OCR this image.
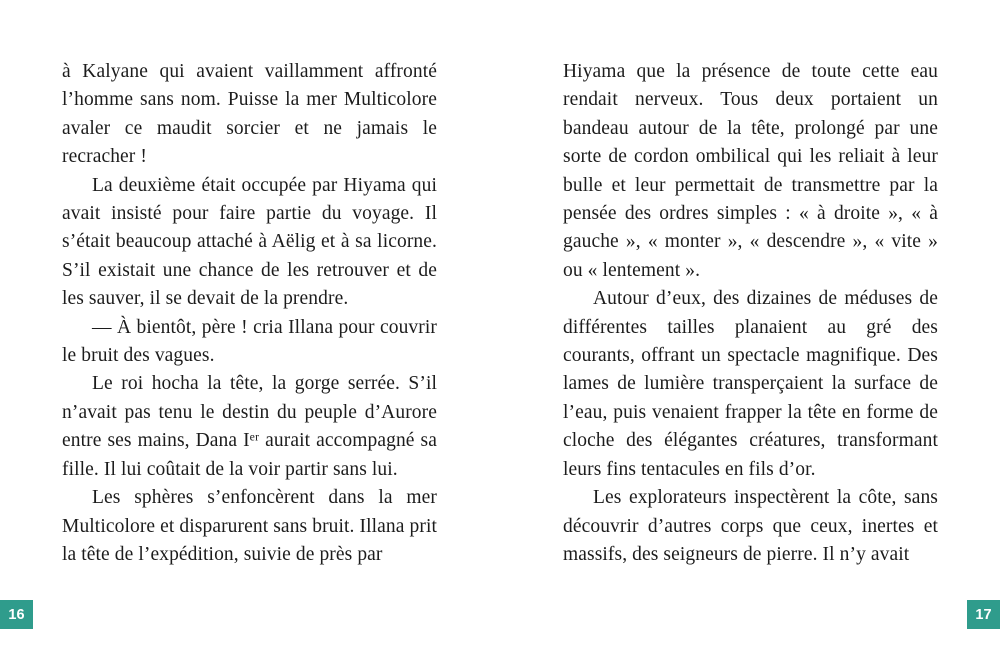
à Kalyane qui avaient vaillamment affronté l’homme sans nom. Puisse la mer Multicolore avaler ce maudit sorcier et ne jamais le recracher !

La deuxième était occupée par Hiyama qui avait insisté pour faire partie du voyage. Il s’était beaucoup attaché à Aëlig et à sa licorne. S’il existait une chance de les retrouver et de les sauver, il se devait de la prendre.

— À bientôt, père ! cria Illana pour couvrir le bruit des vagues.

Le roi hocha la tête, la gorge serrée. S’il n’avait pas tenu le destin du peuple d’Aurore entre ses mains, Dana Iᵉʳ aurait accompagné sa fille. Il lui coûtait de la voir partir sans lui.

Les sphères s’enfoncèrent dans la mer Multicolore et disparurent sans bruit. Illana prit la tête de l’expédition, suivie de près par

Hiyama que la présence de toute cette eau rendait nerveux. Tous deux portaient un bandeau autour de la tête, prolongé par une sorte de cordon ombilical qui les reliait à leur bulle et leur permettait de transmettre par la pensée des ordres simples : « à droite », « à gauche », « monter », « descendre », « vite » ou « lentement ».

Autour d’eux, des dizaines de méduses de différentes tailles planaient au gré des courants, offrant un spectacle magnifique. Des lames de lumière transperçaient la surface de l’eau, puis venaient frapper la tête en forme de cloche des élégantes créatures, transformant leurs fins tentacules en fils d’or.

Les explorateurs inspectèrent la côte, sans découvrir d’autres corps que ceux, inertes et massifs, des seigneurs de pierre. Il n’y avait

16	17
